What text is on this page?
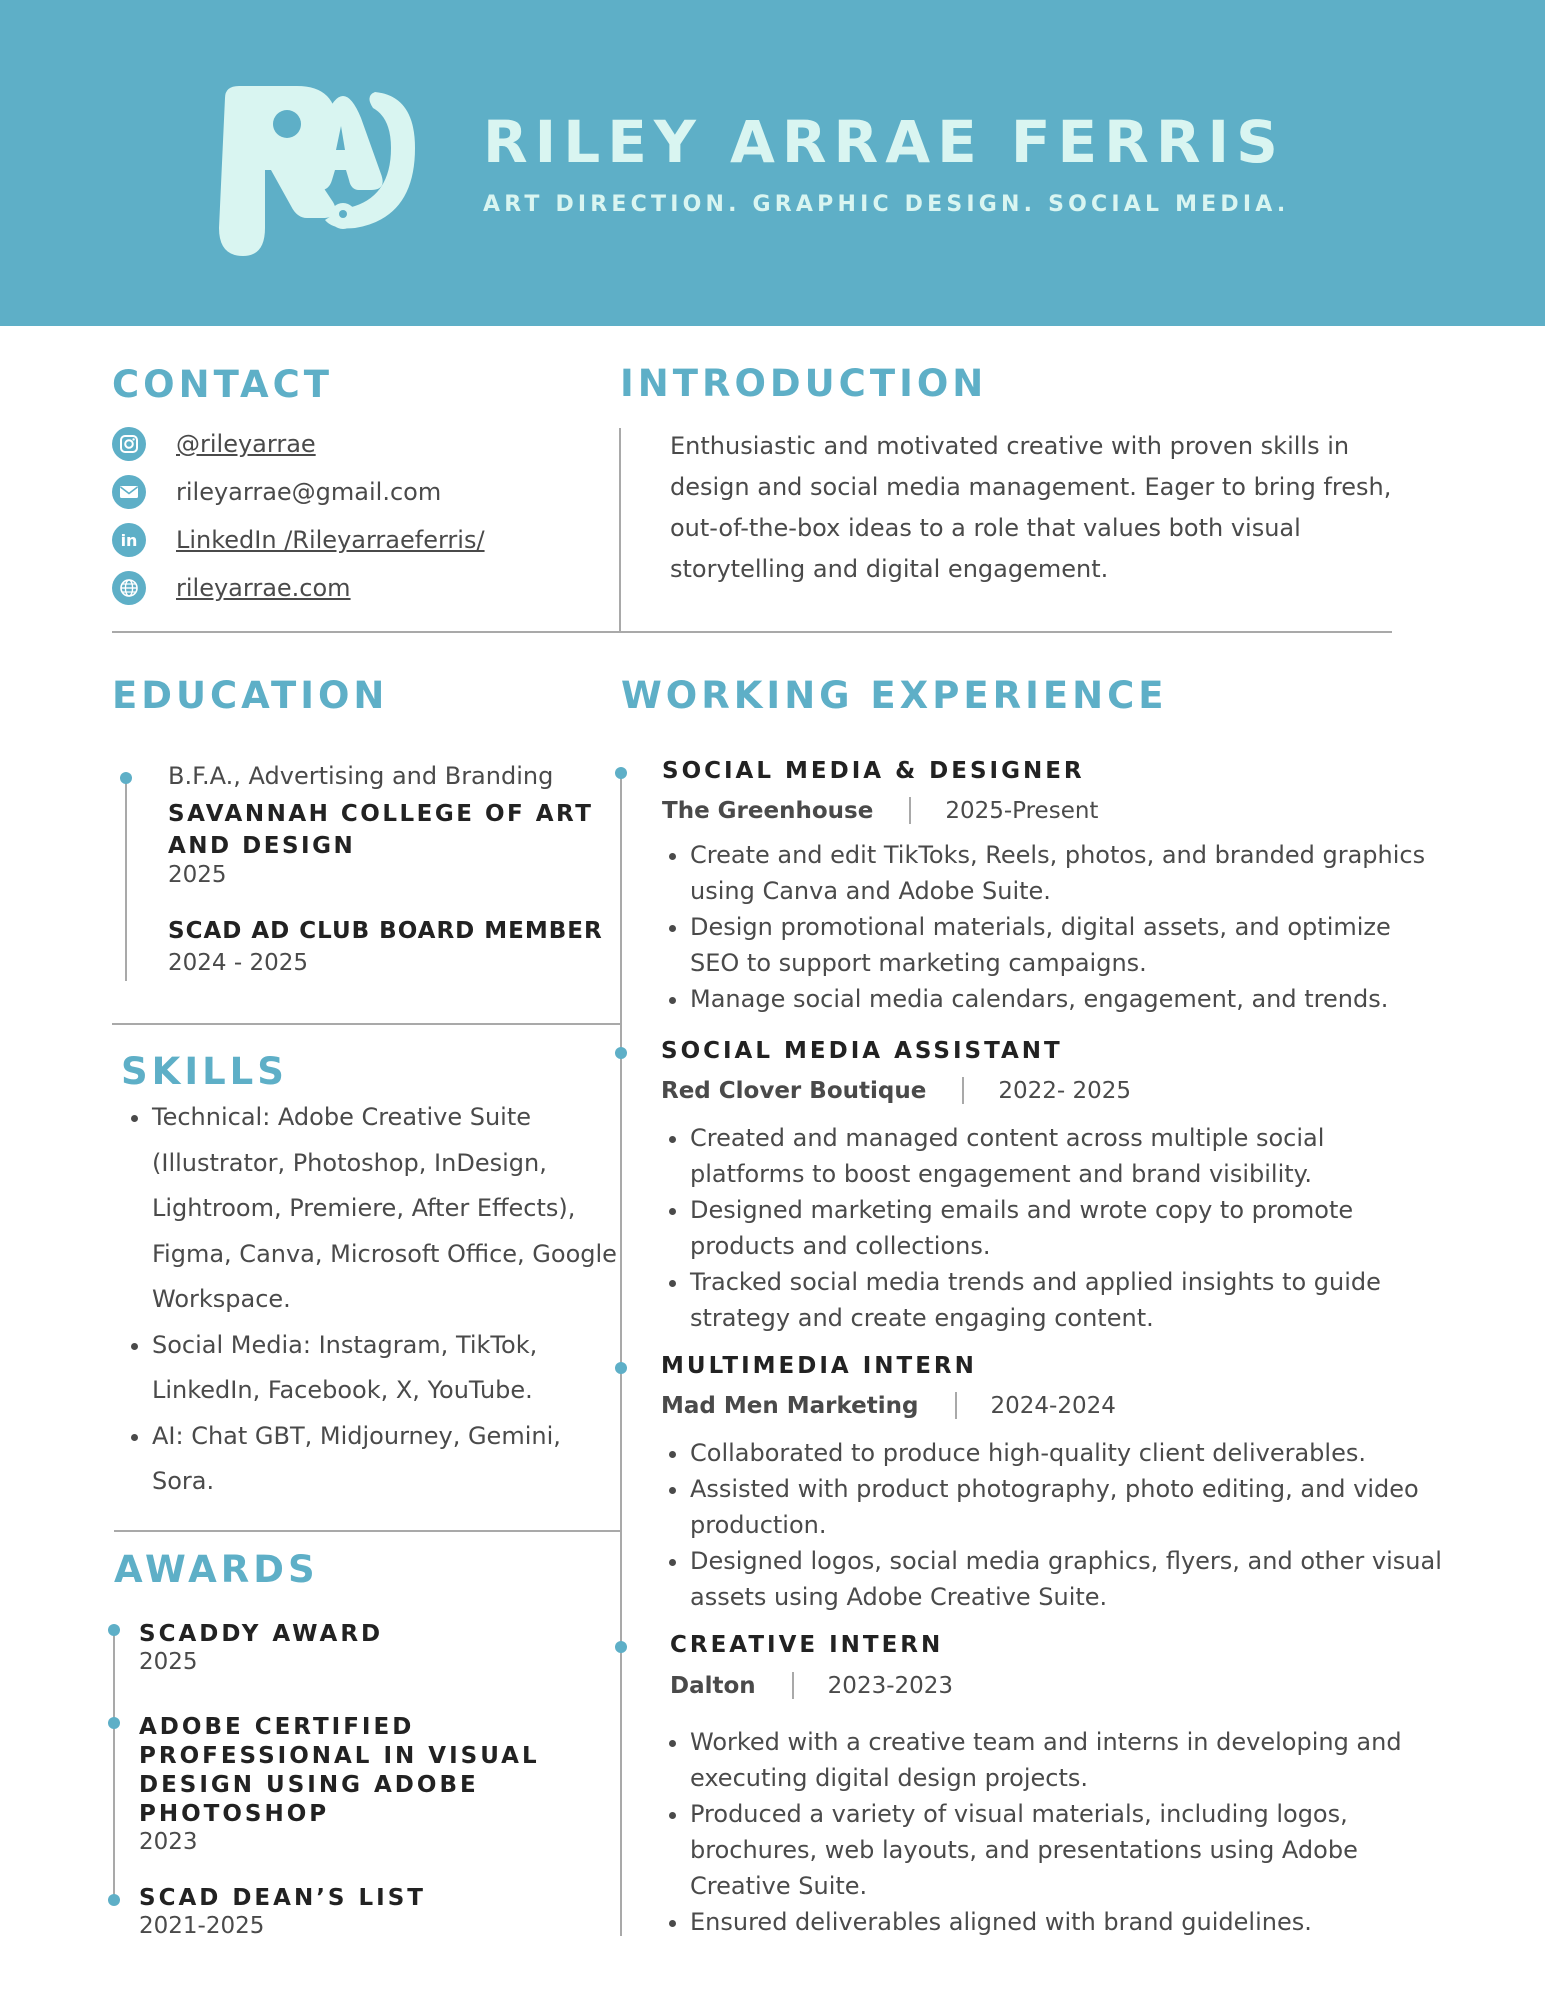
RILEY ARRAE FERRIS

ART DIRECTION. GRAPHIC DESIGN. SOCIAL MEDIA.

CONTACT
@rileyarrae
rileyarrae@gmail.com
in LinkedIn /Rileyarraeferris/
rileyarrae.com
INTRODUCTION

Enthusiastic and motivated creative with proven skills in design and social media management. Eager to bring fresh, out-of-the-box ideas to a role that values both visual storytelling and digital engagement.

EDUCATION
B.F.A., Advertising and Branding

SAVANNAH COLLEGE OF ART AND DESIGN

2025
SCAD AD CLUB BOARD MEMBER
2024 - 2025
SKILLS
• Technical: Adobe Creative Suite (Illustrator, Photoshop, InDesign, Lightroom, Premiere, After Effects), Figma, Canva, Microsoft Office, Google Workspace.
• Social Media: Instagram, TikTok, LinkedIn, Facebook, X, YouTube.
• AI: Chat GBT, Midjourney, Gemini, Sora.
AWARDS

SCADDY AWARD

2025

ADOBE CERTIFIED PROFESSIONAL IN VISUAL DESIGN USING ADOBE PHOTOSHOP

2023

SCAD DEAN’S LIST

2021-2025
WORKING EXPERIENCE
SOCIAL MEDIA & DESIGNER
The Greenhouse	2025-Present
• Create and edit TikToks, Reels, photos, and branded graphics using Canva and Adobe Suite.
• Design promotional materials, digital assets, and optimize SEO to support marketing campaigns.
• Manage social media calendars, engagement, and trends.
SOCIAL MEDIA ASSISTANT
Red Clover Boutique	2022- 2025
• Created and managed content across multiple social platforms to boost engagement and brand visibility.
• Designed marketing emails and wrote copy to promote products and collections.
• Tracked social media trends and applied insights to guide strategy and create engaging content.
MULTIMEDIA INTERN
Mad Men Marketing	2024-2024
• Collaborated to produce high-quality client deliverables.
• Assisted with product photography, photo editing, and video production.
• Designed logos, social media graphics, flyers, and other visual assets using Adobe Creative Suite.
CREATIVE INTERN
Dalton	2023-2023
• Worked with a creative team and interns in developing and executing digital design projects.
• Produced a variety of visual materials, including logos, brochures, web layouts, and presentations using Adobe Creative Suite.
• Ensured deliverables aligned with brand guidelines.
